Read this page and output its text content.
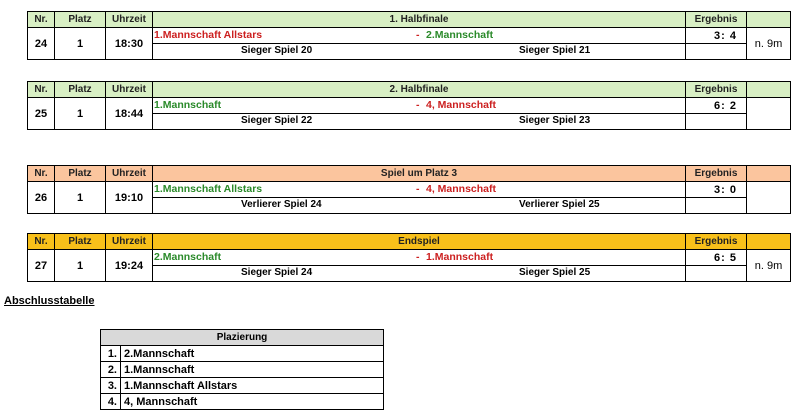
Nr.	Platz	Uhrzeit	1. Halbfinale	Ergebnis	
24	1	18:30	1.Mannschaft Allstars - 2.Mannschaft	3: 4	n. 9m

			Sieger Spiel 20 Sieger Spiel 21		

Nr.	Platz	Uhrzeit	2. Halbfinale	Ergebnis	
25	1	18:44	1.Mannschaft - 4, Mannschaft	6: 2	

			Sieger Spiel 22 Sieger Spiel 23		

Nr.	Platz	Uhrzeit	Spiel um Platz 3	Ergebnis	
26	1	19:10	1.Mannschaft Allstars - 4, Mannschaft	3: 0	

			Verlierer Spiel 24 Verlierer Spiel 25		

Nr.	Platz	Uhrzeit	Endspiel	Ergebnis	
27	1	19:24	2.Mannschaft - 1.Mannschaft	6: 5	n. 9m

			Sieger Spiel 24 Sieger Spiel 25		

Abschlusstabelle
Plazierung	
1.	2.Mannschaft
2.	1.Mannschaft
3.	1.Mannschaft Allstars
4.	4, Mannschaft
